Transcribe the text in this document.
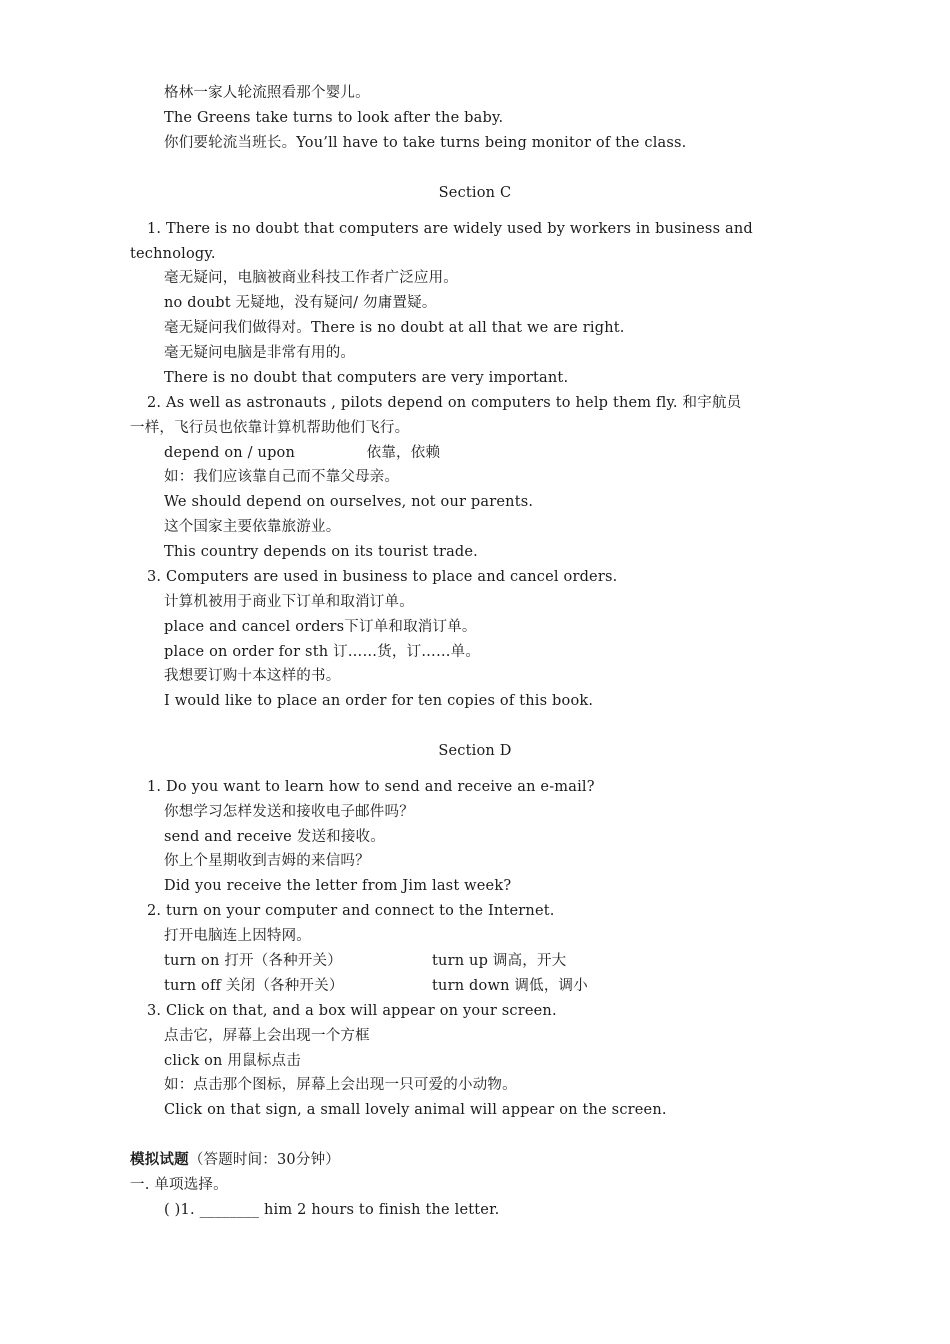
格林一家人轮流照看那个婴儿。
The Greens take turns to look after the baby.
你们要轮流当班长。You’ll have to take turns being monitor of the class.
Section C
1. There is no doubt that computers are widely used by workers in business and
technology.
毫无疑问，电脑被商业科技工作者广泛应用。
no doubt 无疑地，没有疑问/ 勿庸置疑。
毫无疑问我们做得对。There is no doubt at all that we are right.
毫无疑问电脑是非常有用的。
There is no doubt that computers are very important.
2. As well as astronauts , pilots depend on computers to help them fly. 和宇航员
一样，飞行员也依靠计算机帮助他们飞行。
depend on / upon	依靠，依赖
如：我们应该靠自己而不靠父母亲。
We should depend on ourselves, not our parents.
这个国家主要依靠旅游业。
This country depends on its tourist trade.
3. Computers are used in business to place and cancel orders.
计算机被用于商业下订单和取消订单。
place and cancel orders下订单和取消订单。
place on order for sth 订……货，订……单。
我想要订购十本这样的书。
I would like to place an order for ten copies of this book.
Section D
1. Do you want to learn how to send and receive an e-mail?
你想学习怎样发送和接收电子邮件吗？
send and receive 发送和接收。
你上个星期收到吉姆的来信吗？
Did you receive the letter from Jim last week?
2. turn on your computer and connect to the Internet.
打开电脑连上因特网。
turn on 打开（各种开关）	turn up 调高，开大
turn off 关闭（各种开关）	turn down 调低，调小
3. Click on that, and a box will appear on your screen.
点击它，屏幕上会出现一个方框
click on 用鼠标点击
如：点击那个图标，屏幕上会出现一只可爱的小动物。
Click on that sign, a small lovely animal will appear on the screen.
模拟试题（答题时间：30分钟）
一. 单项选择。
( )1. ________ him 2 hours to finish the letter.
